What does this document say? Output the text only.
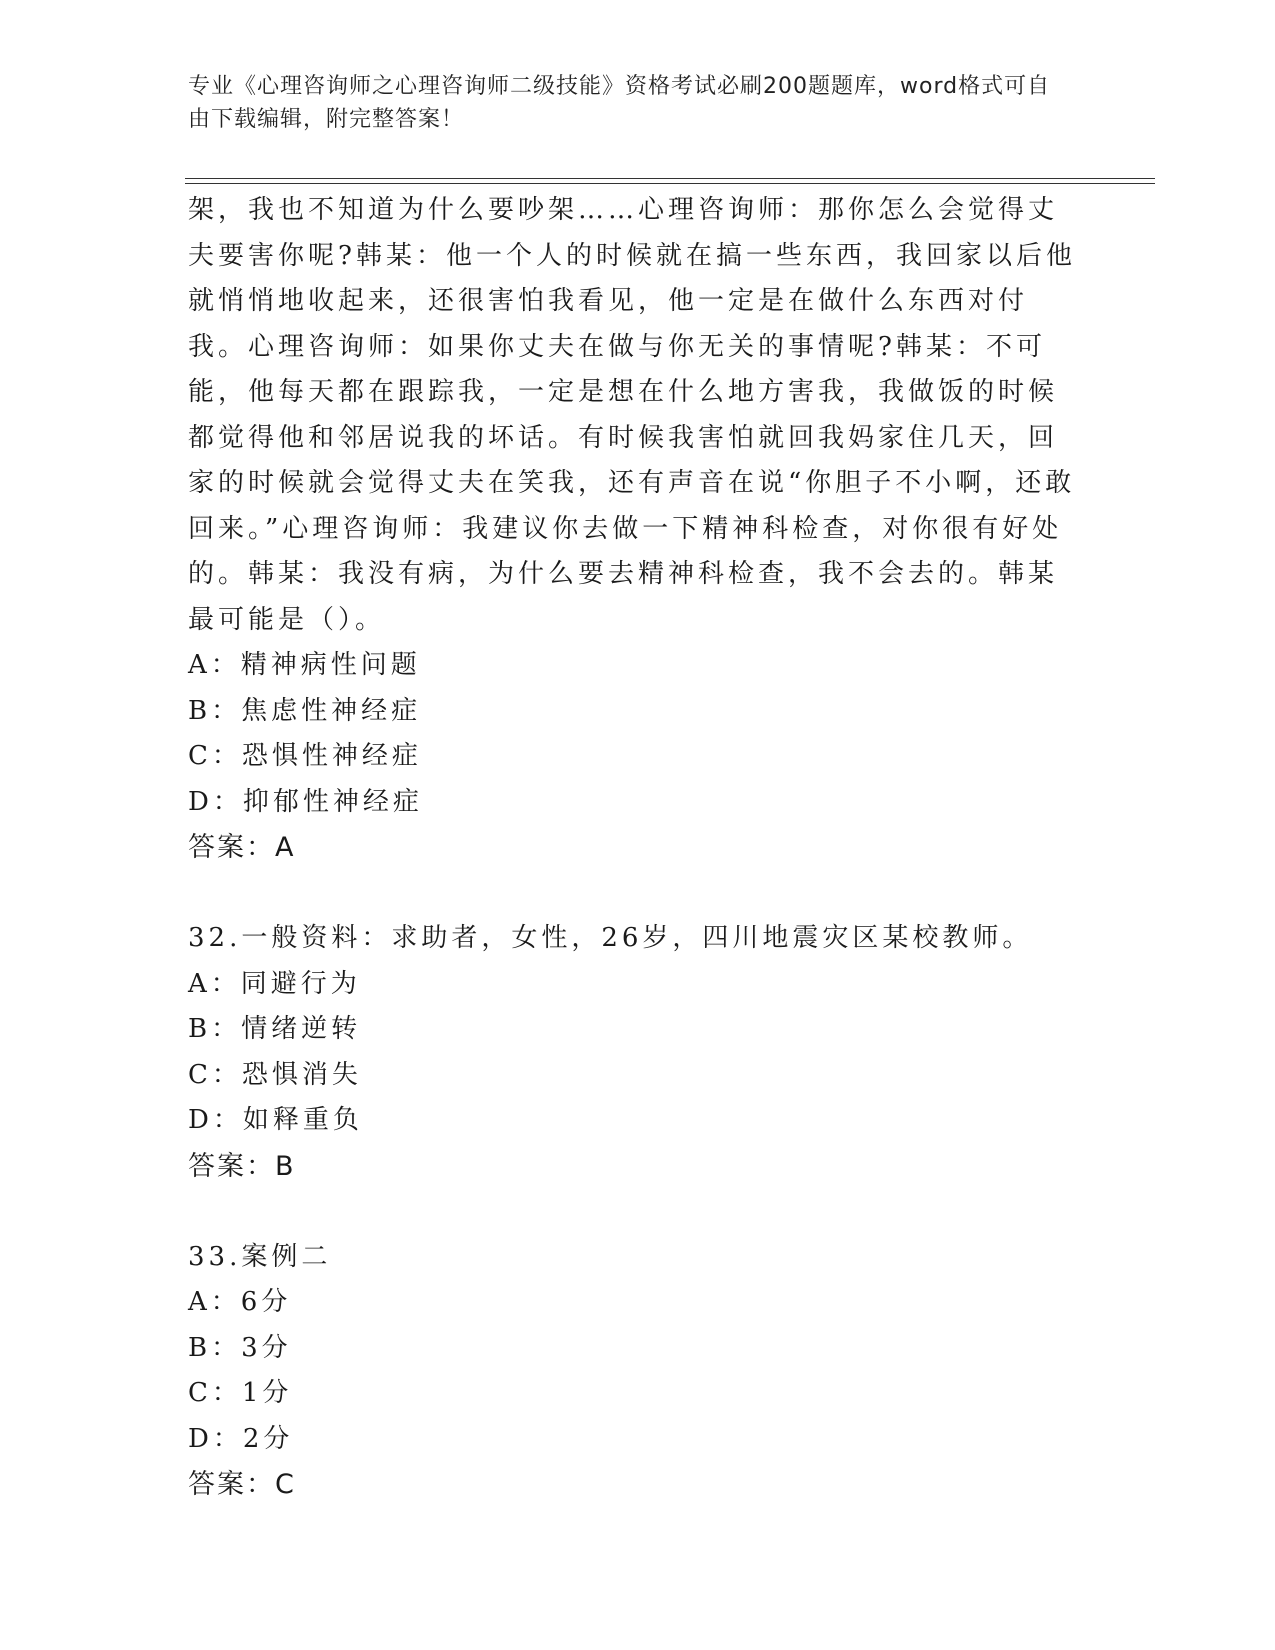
专业《心理咨询师之心理咨询师二级技能》资格考试必刷200题题库，word格式可自由下载编辑，附完整答案！

架，我也不知道为什么要吵架……心理咨询师：那你怎么会觉得丈夫要害你呢?韩某：他一个人的时候就在搞一些东西，我回家以后他就悄悄地收起来，还很害怕我看见，他一定是在做什么东西对付我。心理咨询师：如果你丈夫在做与你无关的事情呢?韩某：不可能，他每天都在跟踪我，一定是想在什么地方害我，我做饭的时候都觉得他和邻居说我的坏话。有时候我害怕就回我妈家住几天，回家的时候就会觉得丈夫在笑我，还有声音在说“你胆子不小啊，还敢回来。”心理咨询师：我建议你去做一下精神科检查，对你很有好处的。韩某：我没有病，为什么要去精神科检查，我不会去的。韩某最可能是（）。

A：精神病性问题

B：焦虑性神经症

C：恐惧性神经症

D：抑郁性神经症

答案：A

32.一般资料：求助者，女性，26岁，四川地震灾区某校教师。

A：同避行为

B：情绪逆转

C：恐惧消失

D：如释重负

答案：B

33.案例二

A：6分

B：3分

C：1分

D：2分

答案：C
